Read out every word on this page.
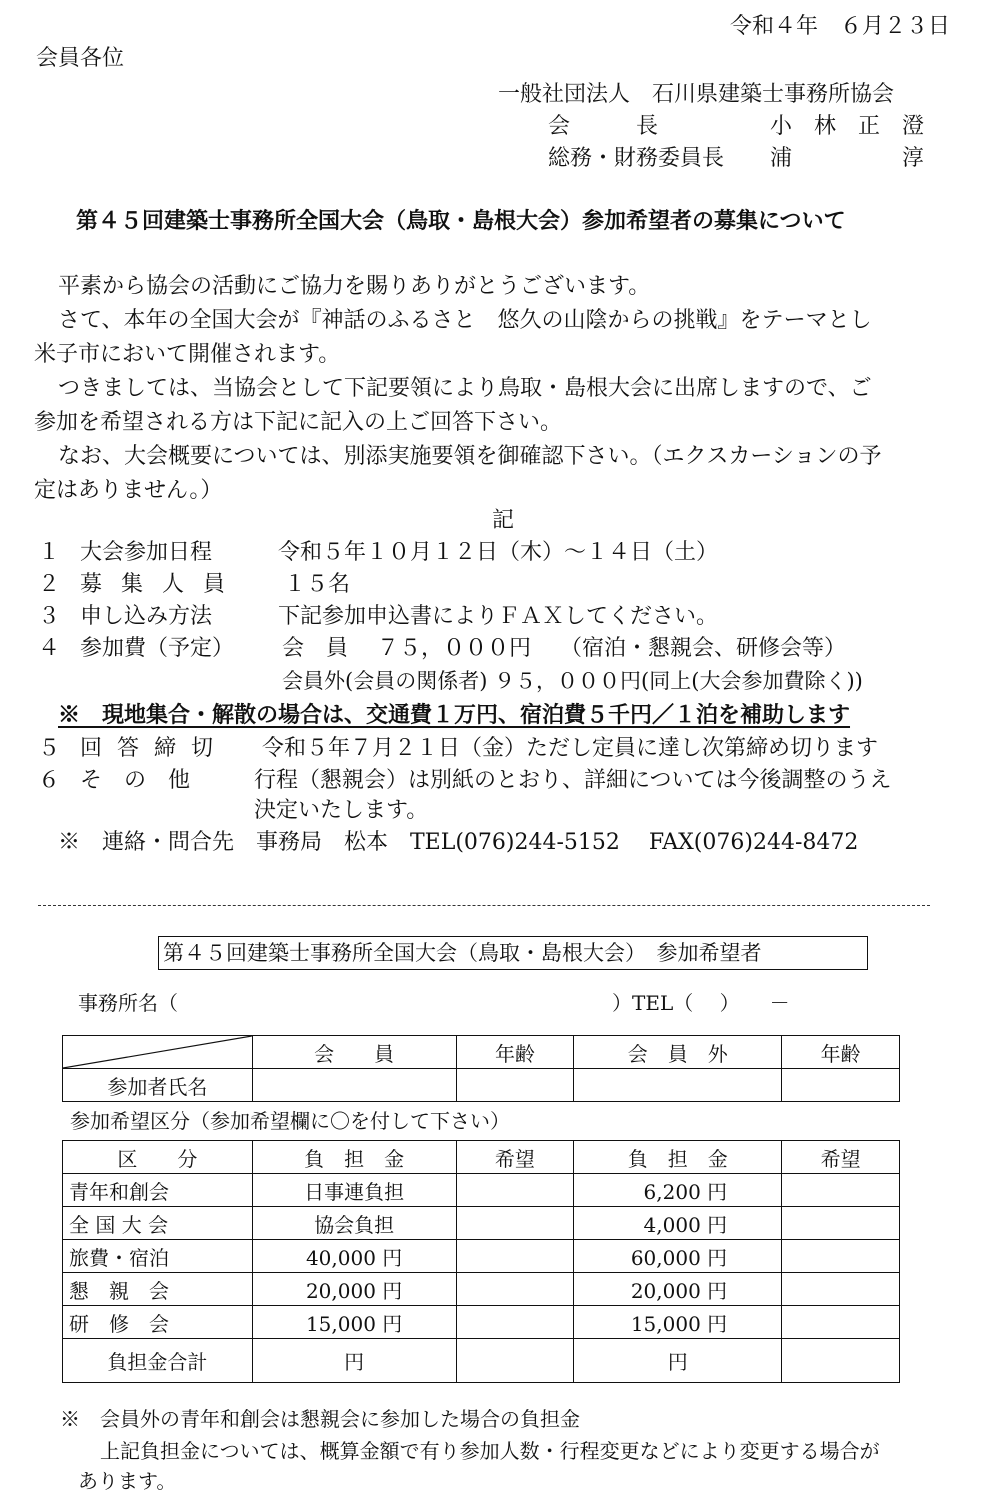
令和４年　６月２３日
会員各位
一般社団法人　石川県建築士事務所協会
会　　　長	小　林　正　澄
総務・財務委員長 浦　　　　　淳
第４５回建築士事務所全国大会（鳥取・島根大会）参加希望者の募集について
平素から協会の活動にご協力を賜りありがとうございます。
さて、本年の全国大会が『神話のふるさと　悠久の山陰からの挑戦』をテーマとし
米子市において開催されます。
つきましては、当協会として下記要領により鳥取・島根大会に出席しますので、ご
参加を希望される方は下記に記入の上ご回答下さい。
なお、大会概要については、別添実施要領を御確認下さい。（エクスカーションの予
定はありません。）
記
１ 大会参加日程	令和５年１０月１２日（木）～１４日（土）
２ 募 集 人 員 １５名
３ 申し込み方法	下記参加申込書によりＦＡＸしてください。
４ 参加費（予定） 会　員　 ７５，０００円　 （宿泊・懇親会、研修会等）
会員外(会員の関係者) ９５，０００円(同上(大会参加費除く))
※　現地集合・解散の場合は、交通費１万円、宿泊費５千円／１泊を補助します
５ 回 答 締 切 令和５年７月２１日（金）ただし定員に達し次第締め切ります
６ そ　の　他	行程（懇親会）は別紙のとおり、詳細については今後調整のうえ
決定いたします。
※　連絡・問合先　事務局　松本　TEL(076)244-5152　 FAX(076)244-8472
第４５回建築士事務所全国大会（鳥取・島根大会）　参加希望者
事務所名（	）TEL（　 ）　　－
	会　　員	年齢	会　員　外	年齢
参加者氏名				
参加希望区分（参加希望欄に〇を付して下さい）
区　　分	負　担　金	希望	負　担　金	希望
青年和創会	日事連負担		6,200 円	
全 国 大 会	協会負担		4,000 円	
旅費・宿泊	40,000 円		60,000 円	
懇　親　会	20,000 円		20,000 円	
研　修　会	15,000 円		15,000 円	
負担金合計	円		円	
※　会員外の青年和創会は懇親会に参加した場合の負担金
上記負担金については、概算金額で有り参加人数・行程変更などにより変更する場合が
あります。
